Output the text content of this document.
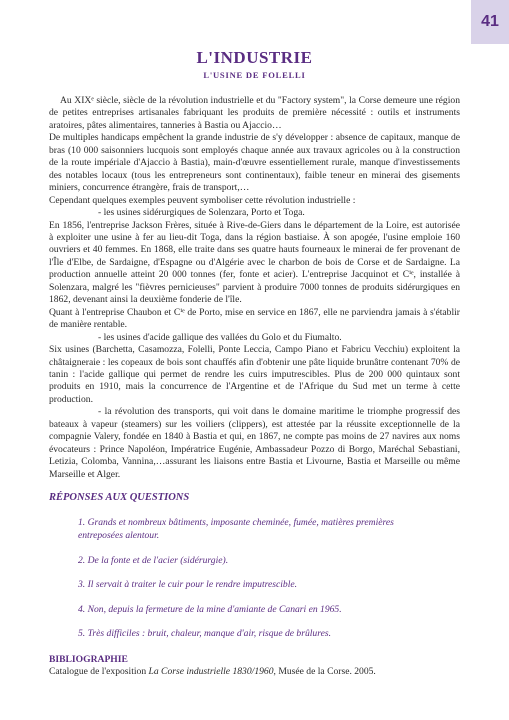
41
L'INDUSTRIE
L'USINE DE FOLELLI

Au XIXᵉ siècle, siècle de la révolution industrielle et du "Factory system", la Corse demeure une région de petites entreprises artisanales fabriquant les produits de première nécessité : outils et instruments aratoires, pâtes alimentaires, tanneries à Bastia ou Ajaccio…

De multiples handicaps empêchent la grande industrie de s'y développer : absence de capitaux, manque de bras (10 000 saisonniers lucquois sont employés chaque année aux travaux agricoles ou à la construction de la route impériale d'Ajaccio à Bastia), main-d'œuvre essentiellement rurale, manque d'investissements des notables locaux (tous les entrepreneurs sont continentaux), faible teneur en minerai des gisements miniers, concurrence étrangère, frais de transport,…

Cependant quelques exemples peuvent symboliser cette révolution industrielle :

- les usines sidérurgiques de Solenzara, Porto et Toga.

En 1856, l'entreprise Jackson Frères, située à Rive-de-Giers dans le département de la Loire, est autorisée à exploiter une usine à fer au lieu-dit Toga, dans la région bastiaise. À son apogée, l'usine emploie 160 ouvriers et 40 femmes. En 1868, elle traite dans ses quatre hauts fourneaux le minerai de fer provenant de l'Île d'Elbe, de Sardaigne, d'Espagne ou d'Algérie avec le charbon de bois de Corse et de Sardaigne. La production annuelle atteint 20 000 tonnes (fer, fonte et acier). L'entreprise Jacquinot et Cⁱᵉ, installée à Solenzara, malgré les "fièvres pernicieuses" parvient à produire 7000 tonnes de produits sidérurgiques en 1862, devenant ainsi la deuxième fonderie de l'île.

Quant à l'entreprise Chaubon et Cⁱᵉ de Porto, mise en service en 1867, elle ne parviendra jamais à s'établir de manière rentable.

- les usines d'acide gallique des vallées du Golo et du Fiumalto.

Six usines (Barchetta, Casamozza, Folelli, Ponte Leccia, Campo Piano et Fabricu Vecchiu) exploitent la châtaigneraie : les copeaux de bois sont chauffés afin d'obtenir une pâte liquide brunâtre contenant 70% de tanin : l'acide gallique qui permet de rendre les cuirs imputrescibles. Plus de 200 000 quintaux sont produits en 1910, mais la concurrence de l'Argentine et de l'Afrique du Sud met un terme à cette production.

- la révolution des transports, qui voit dans le domaine maritime le triomphe progressif des bateaux à vapeur (steamers) sur les voiliers (clippers), est attestée par la réussite exceptionnelle de la compagnie Valery, fondée en 1840 à Bastia et qui, en 1867, ne compte pas moins de 27 navires aux noms évocateurs : Prince Napoléon, Impératrice Eugénie, Ambassadeur Pozzo di Borgo, Maréchal Sebastiani, Letizia, Colomba, Vannina,…assurant les liaisons entre Bastia et Livourne, Bastia et Marseille ou même Marseille et Alger.

RÉPONSES AUX QUESTIONS

1. Grands et nombreux bâtiments, imposante cheminée, fumée, matières premières entreposées alentour.

2. De la fonte et de l'acier (sidérurgie).

3. Il servait à traiter le cuir pour le rendre imputrescible.

4. Non, depuis la fermeture de la mine d'amiante de Canari en 1965.

5. Très difficiles : bruit, chaleur, manque d'air, risque de brûlures.

BIBLIOGRAPHIE
Catalogue de l'exposition La Corse industrielle 1830/1960, Musée de la Corse. 2005.
